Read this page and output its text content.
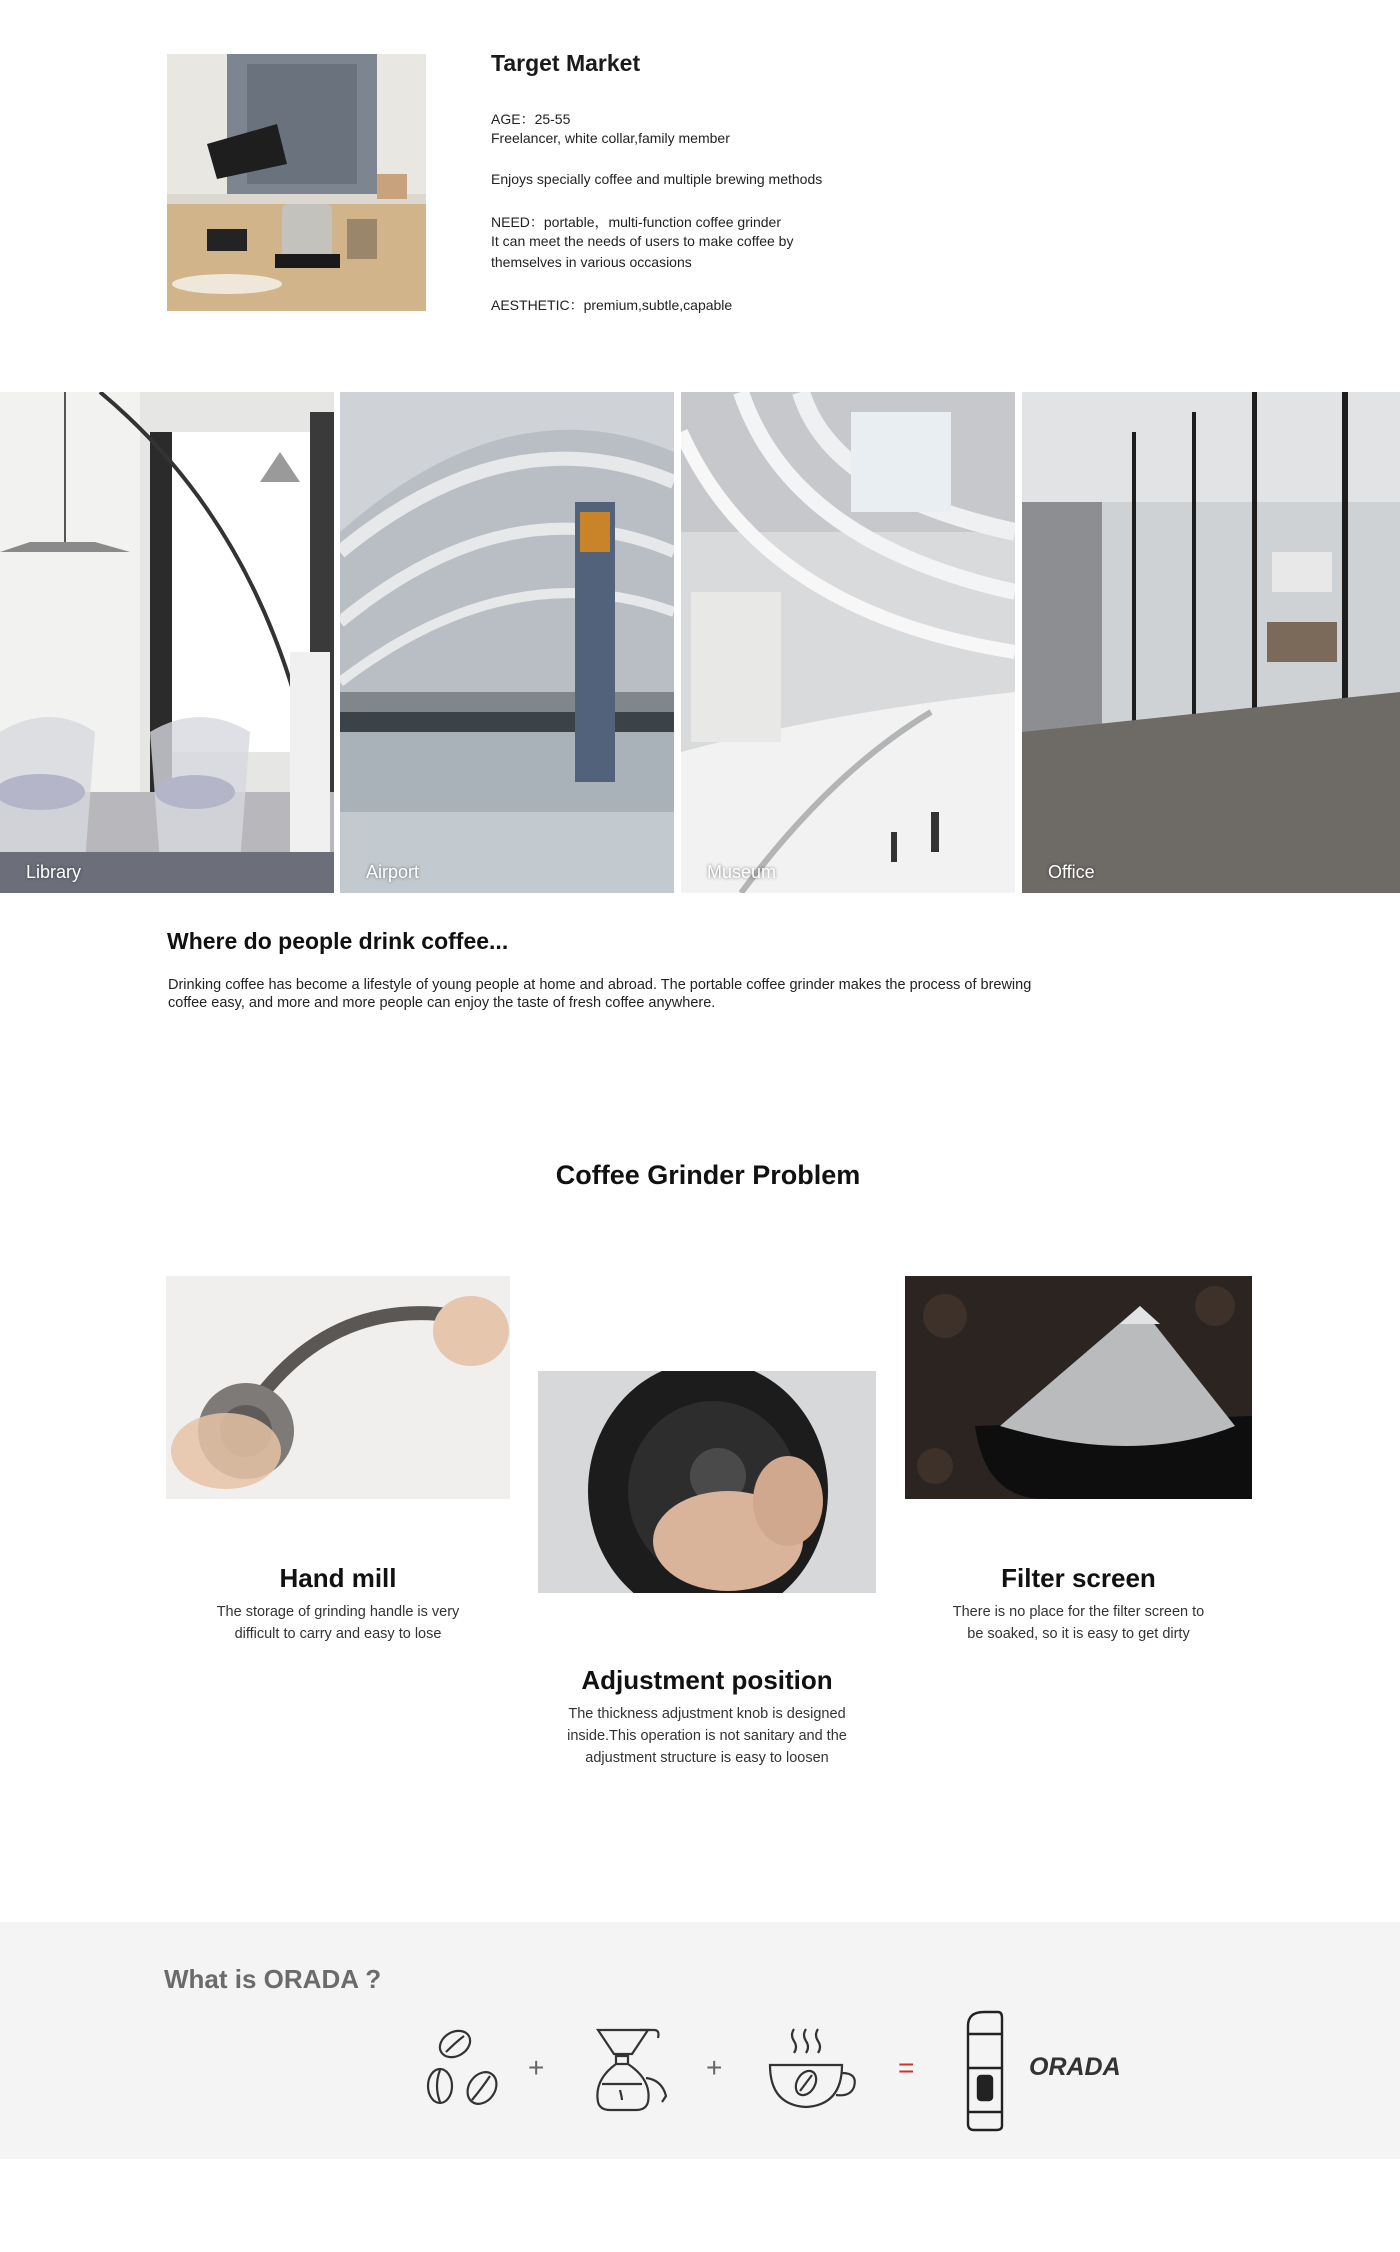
Target Market
AGE：25-55
Freelancer, white collar,family member
Enjoys specially coffee and multiple brewing methods
NEED：portable，multi-function coffee grinder
It can meet the needs of users to make coffee by
themselves in various occasions
AESTHETIC：premium,subtle,capable
Library	Airport	Museum	Office
Where do people drink coffee...
Drinking coffee has become a lifestyle of young people at home and abroad. The portable coffee grinder makes the process of brewing coffee easy, and more and more people can enjoy the taste of fresh coffee anywhere.
Coffee Grinder Problem
Hand mill
The storage of grinding handle is very
difficult to carry and easy to lose
Adjustment position
The thickness adjustment knob is designed
inside.This operation is not sanitary and the
adjustment structure is easy to loosen
Filter screen
There is no place for the filter screen to
be soaked, so it is easy to get dirty
What is ORADA ?
+	+	=	ORADA
